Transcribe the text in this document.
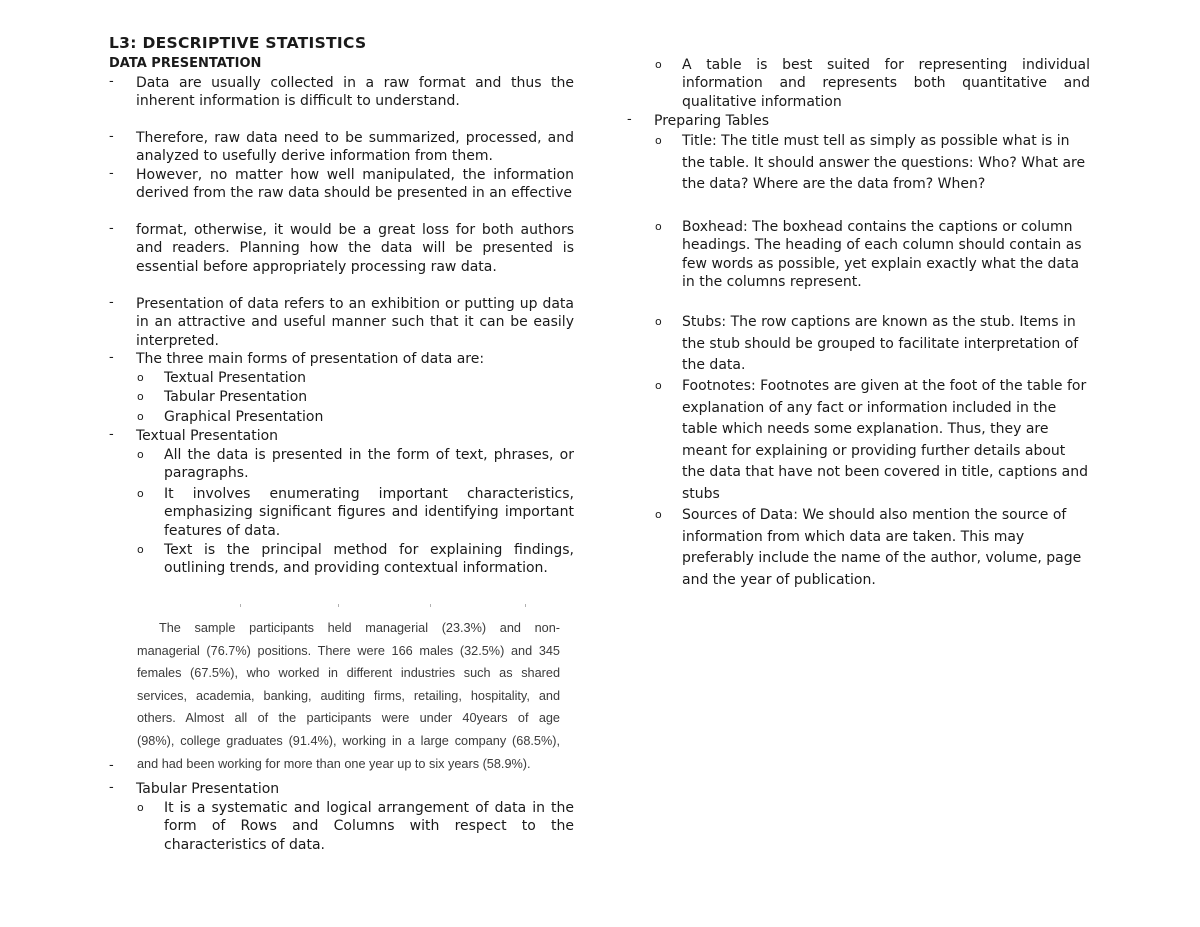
L3: DESCRIPTIVE STATISTICS
DATA PRESENTATION
- Data are usually collected in a raw format and thus the inherent information is difficult to understand.
- Therefore, raw data need to be summarized, processed, and analyzed to usefully derive information from them.
- However, no matter how well manipulated, the information derived from the raw data should be presented in an effective
- format, otherwise, it would be a great loss for both authors and readers. Planning how the data will be presented is essential before appropriately processing raw data.
- Presentation of data refers to an exhibition or putting up data in an attractive and useful manner such that it can be easily interpreted.
- The three main forms of presentation of data are:
o Textual Presentation
o Tabular Presentation
o Graphical Presentation
- Textual Presentation
o All the data is presented in the form of text, phrases, or paragraphs.
o It involves enumerating important characteristics, emphasizing significant figures and identifying important features of data.
o Text is the principal method for explaining findings, outlining trends, and providing contextual information.
-
- Tabular Presentation
o It is a systematic and logical arrangement of data in the form of Rows and Columns with respect to the characteristics of data.
The sample participants held managerial (23.3%) and non-
managerial (76.7%) positions. There were 166 males (32.5%) and 345
females (67.5%), who worked in different industries such as shared
services, academia, banking, auditing firms, retailing, hospitality, and
others. Almost all of the participants were under 40years of age
(98%), college graduates (91.4%), working in a large company (68.5%),
and had been working for more than one year up to six years (58.9%).
o A table is best suited for representing individual information and represents both quantitative and qualitative information
- Preparing Tables
o Title: The title must tell as simply as possible what is in the table. It should answer the questions: Who? What are the data? Where are the data from? When?
o Boxhead: The boxhead contains the captions or column headings. The heading of each column should contain as few words as possible, yet explain exactly what the data in the columns represent.
o Stubs: The row captions are known as the stub. Items in the stub should be grouped to facilitate interpretation of the data.
o Footnotes: Footnotes are given at the foot of the table for explanation of any fact or information included in the table which needs some explanation. Thus, they are meant for explaining or providing further details about the data that have not been covered in title, captions and stubs
o Sources of Data: We should also mention the source of information from which data are taken. This may preferably include the name of the author, volume, page and the year of publication.
